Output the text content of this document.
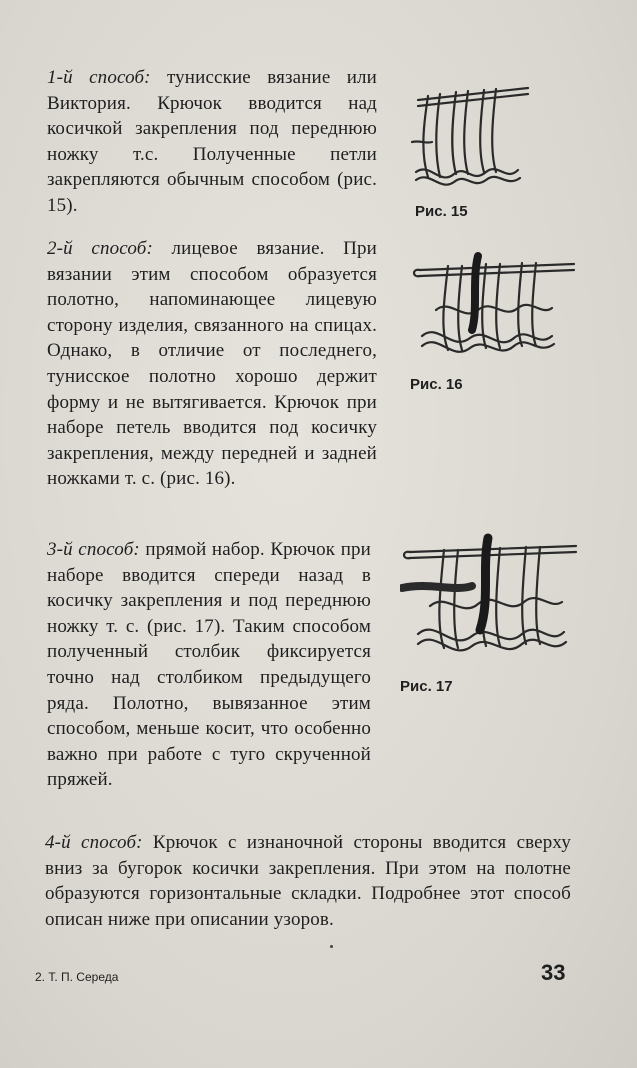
1-й способ: тунисские вязание или Виктория. Крючок вводится над косичкой закрепления под переднюю ножку т.с. Полученные петли закрепляются обычным способом (рис. 15).
2-й способ: лицевое вязание. При вязании этим способом образуется полотно, напоминающее лицевую сторону изделия, связанного на спицах. Однако, в отличие от последнего, тунисское полотно хорошо держит форму и не вытягивается. Крючок при наборе петель вводится под косичку закрепления, между передней и задней ножками т. с. (рис. 16).
3-й способ: прямой набор. Крючок при наборе вводится спереди назад в косичку закрепления и под переднюю ножку т. с. (рис. 17). Таким способом полученный столбик фиксируется точно над столбиком предыдущего ряда. Полотно, вывязанное этим способом, меньше косит, что особенно важно при работе с туго скрученной пряжей.
4-й способ: Крючок с изнаночной стороны вводится сверху вниз за бугорок косички закрепления. При этом на полотне образуются горизонтальные складки. Подробнее этот способ описан ниже при описании узоров.
Рис. 15
Рис. 16
Рис. 17
2. Т. П. Середа	33
